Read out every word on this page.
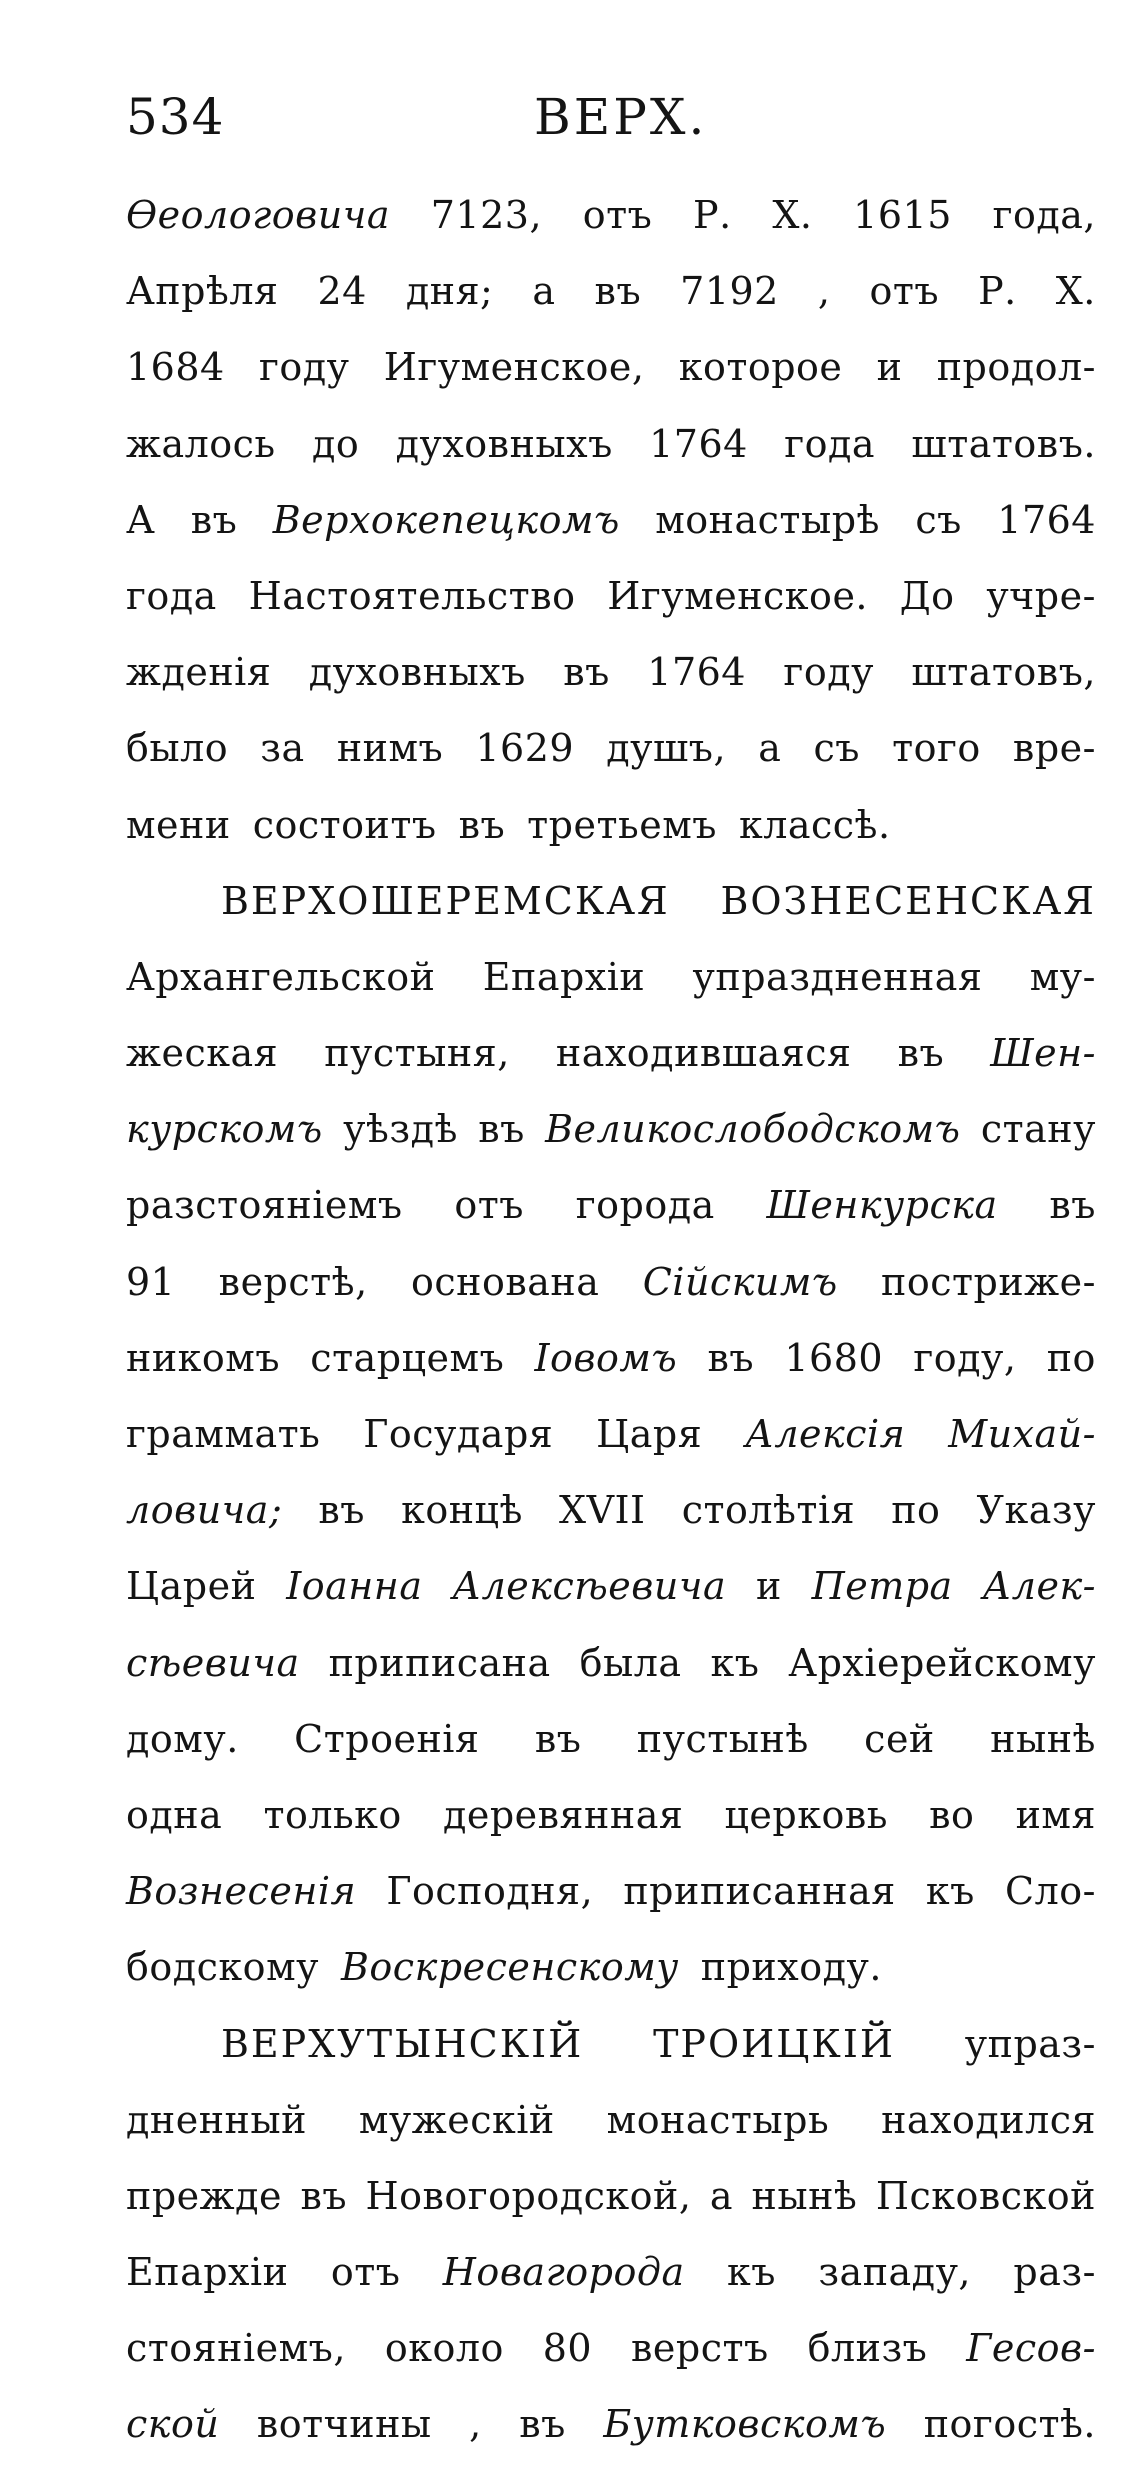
534	ВЕРХ.
Ѳеологовича 7123, отъ Р. Х. 1615 года,
Апрѣля 24 дня; а въ 7192 , отъ Р. Х.
1684 году Игуменское, которое и продол-
жалось до духовныхъ 1764 года штатовъ.
А въ Верхокепецкомъ монастырѣ съ 1764
года Настоятельство Игуменское. До учре-
жденія духовныхъ въ 1764 году штатовъ,
было за нимъ 1629 душъ, а съ того вре-
мени состоитъ въ третьемъ классѣ.
ВЕРХОШЕРЕМСКАЯ ВОЗНЕСЕНСКАЯ
Архангельской Епархіи упраздненная му-
жеская пустыня, находившаяся въ Шен-
курскомъ уѣздѣ въ Великослободскомъ стану
разстояніемъ отъ города Шенкурска въ
91 верстѣ, основана Сійскимъ постриже-
никомъ старцемъ Іовомъ въ 1680 году, по
граммать Государя Царя Алексія Михай-
ловича; въ концѣ XVII столѣтія по Указу
Царей Іоанна Алексѣевича и Петра Алек-
сѣевича приписана была къ Архіерейскому
дому. Строенія въ пустынѣ сей нынѣ
одна только деревянная церковь во имя
Вознесенія Господня, приписанная къ Сло-
бодскому Воскресенскому приходу.
ВЕРХУТЫНСКІЙ ТРОИЦКІЙ упраз-
дненный мужескій монастырь находился
прежде въ Новогородской, а нынѣ Псковской
Епархіи отъ Новагорода къ западу, раз-
стояніемъ, около 80 верстъ близъ Гесов-
ской вотчины , въ Бутковскомъ погостѣ.
